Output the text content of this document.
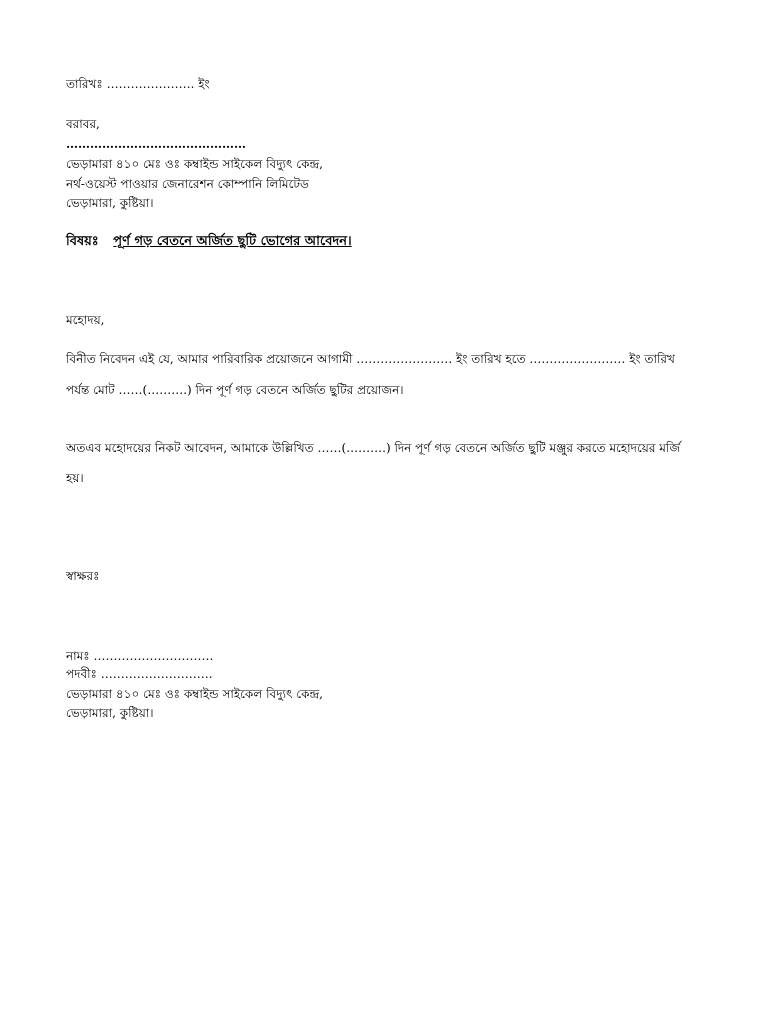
তারিখঃ …………………. ইং
বরাবর,
………………………………………
ভেড়ামারা ৪১০ মেঃ ওঃ কম্বাইন্ড সাইকেল বিদ্যুৎ কেন্দ্র,
নর্থ-ওয়েস্ট পাওয়ার জেনারেশন কোম্পানি লিমিটেড
ভেড়ামারা, কুষ্টিয়া।
বিষয়ঃ পূর্ণ গড় বেতনে অর্জিত ছুটি ভোগের আবেদন।
মহোদয়,
বিনীত নিবেদন এই যে, আমার পারিবারিক প্রয়োজনে আগামী …………………… ইং তারিখ হতে …………………… ইং তারিখ
পর্যন্ত মোট ……(……….) দিন পূর্ণ গড় বেতনে অর্জিত ছুটির প্রয়োজন।
অতএব মহোদয়ের নিকট আবেদন, আমাকে উল্লিখিত ……(……….) দিন পূর্ণ গড় বেতনে অর্জিত ছুটি মঞ্জুর করতে মহোদয়ের মর্জি
হয়।
স্বাক্ষরঃ
নামঃ …………………………
পদবীঃ ……………………….
ভেড়ামারা ৪১০ মেঃ ওঃ কম্বাইন্ড সাইকেল বিদ্যুৎ কেন্দ্র,
ভেড়ামারা, কুষ্টিয়া।
